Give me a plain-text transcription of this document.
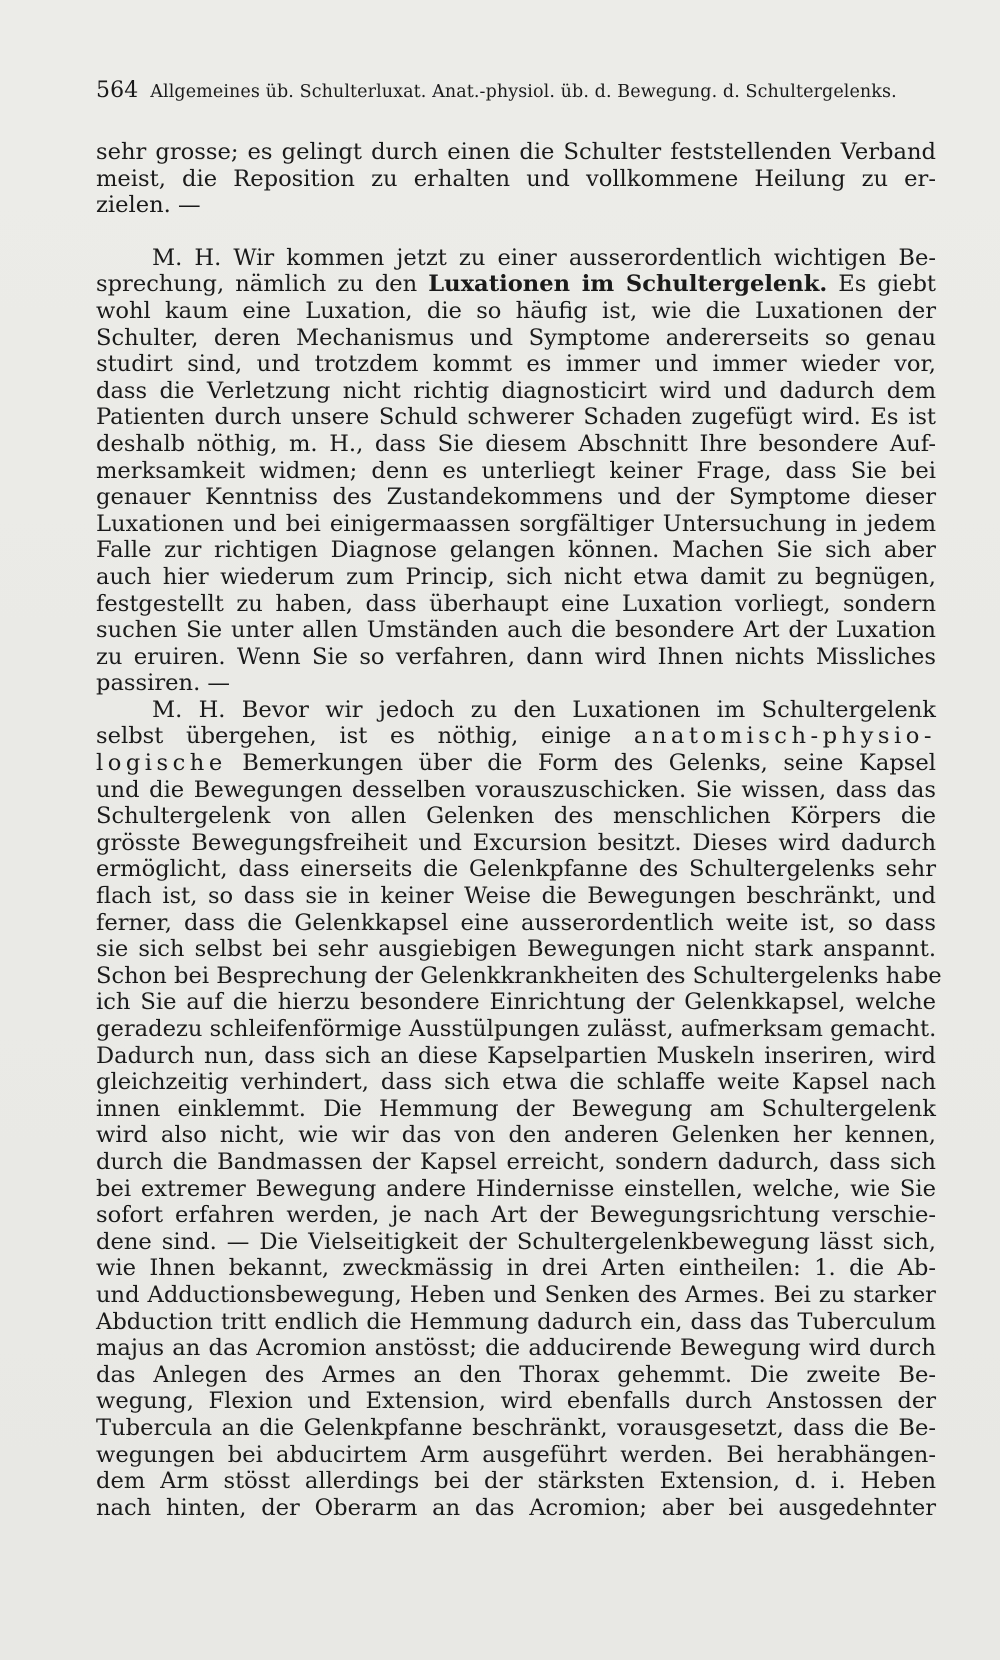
564 Allgemeines üb. Schulterluxat. Anat.-physiol. üb. d. Bewegung. d. Schultergelenks.
sehr grosse; es gelingt durch einen die Schulter feststellenden Verband
meist, die Reposition zu erhalten und vollkommene Heilung zu er-
zielen. —
M. H. Wir kommen jetzt zu einer ausserordentlich wichtigen Be-
sprechung, nämlich zu den Luxationen im Schultergelenk. Es giebt
wohl kaum eine Luxation, die so häufig ist, wie die Luxationen der
Schulter, deren Mechanismus und Symptome andererseits so genau
studirt sind, und trotzdem kommt es immer und immer wieder vor,
dass die Verletzung nicht richtig diagnosticirt wird und dadurch dem
Patienten durch unsere Schuld schwerer Schaden zugefügt wird. Es ist
deshalb nöthig, m. H., dass Sie diesem Abschnitt Ihre besondere Auf-
merksamkeit widmen; denn es unterliegt keiner Frage, dass Sie bei
genauer Kenntniss des Zustandekommens und der Symptome dieser
Luxationen und bei einigermaassen sorgfältiger Untersuchung in jedem
Falle zur richtigen Diagnose gelangen können. Machen Sie sich aber
auch hier wiederum zum Princip, sich nicht etwa damit zu begnügen,
festgestellt zu haben, dass überhaupt eine Luxation vorliegt, sondern
suchen Sie unter allen Umständen auch die besondere Art der Luxation
zu eruiren. Wenn Sie so verfahren, dann wird Ihnen nichts Missliches
passiren. —
M. H. Bevor wir jedoch zu den Luxationen im Schultergelenk
selbst übergehen, ist es nöthig, einige anatomisch-physio-
logische Bemerkungen über die Form des Gelenks, seine Kapsel
und die Bewegungen desselben vorauszuschicken. Sie wissen, dass das
Schultergelenk von allen Gelenken des menschlichen Körpers die
grösste Bewegungsfreiheit und Excursion besitzt. Dieses wird dadurch
ermöglicht, dass einerseits die Gelenkpfanne des Schultergelenks sehr
flach ist, so dass sie in keiner Weise die Bewegungen beschränkt, und
ferner, dass die Gelenkkapsel eine ausserordentlich weite ist, so dass
sie sich selbst bei sehr ausgiebigen Bewegungen nicht stark anspannt.
Schon bei Besprechung der Gelenkkrankheiten des Schultergelenks habe
ich Sie auf die hierzu besondere Einrichtung der Gelenkkapsel, welche
geradezu schleifenförmige Ausstülpungen zulässt, aufmerksam gemacht.
Dadurch nun, dass sich an diese Kapselpartien Muskeln inseriren, wird
gleichzeitig verhindert, dass sich etwa die schlaffe weite Kapsel nach
innen einklemmt. Die Hemmung der Bewegung am Schultergelenk
wird also nicht, wie wir das von den anderen Gelenken her kennen,
durch die Bandmassen der Kapsel erreicht, sondern dadurch, dass sich
bei extremer Bewegung andere Hindernisse einstellen, welche, wie Sie
sofort erfahren werden, je nach Art der Bewegungsrichtung verschie-
dene sind. — Die Vielseitigkeit der Schultergelenkbewegung lässt sich,
wie Ihnen bekannt, zweckmässig in drei Arten eintheilen: 1. die Ab-
und Adductionsbewegung, Heben und Senken des Armes. Bei zu starker
Abduction tritt endlich die Hemmung dadurch ein, dass das Tuberculum
majus an das Acromion anstösst; die adducirende Bewegung wird durch
das Anlegen des Armes an den Thorax gehemmt. Die zweite Be-
wegung, Flexion und Extension, wird ebenfalls durch Anstossen der
Tubercula an die Gelenkpfanne beschränkt, vorausgesetzt, dass die Be-
wegungen bei abducirtem Arm ausgeführt werden. Bei herabhängen-
dem Arm stösst allerdings bei der stärksten Extension, d. i. Heben
nach hinten, der Oberarm an das Acromion; aber bei ausgedehnter
